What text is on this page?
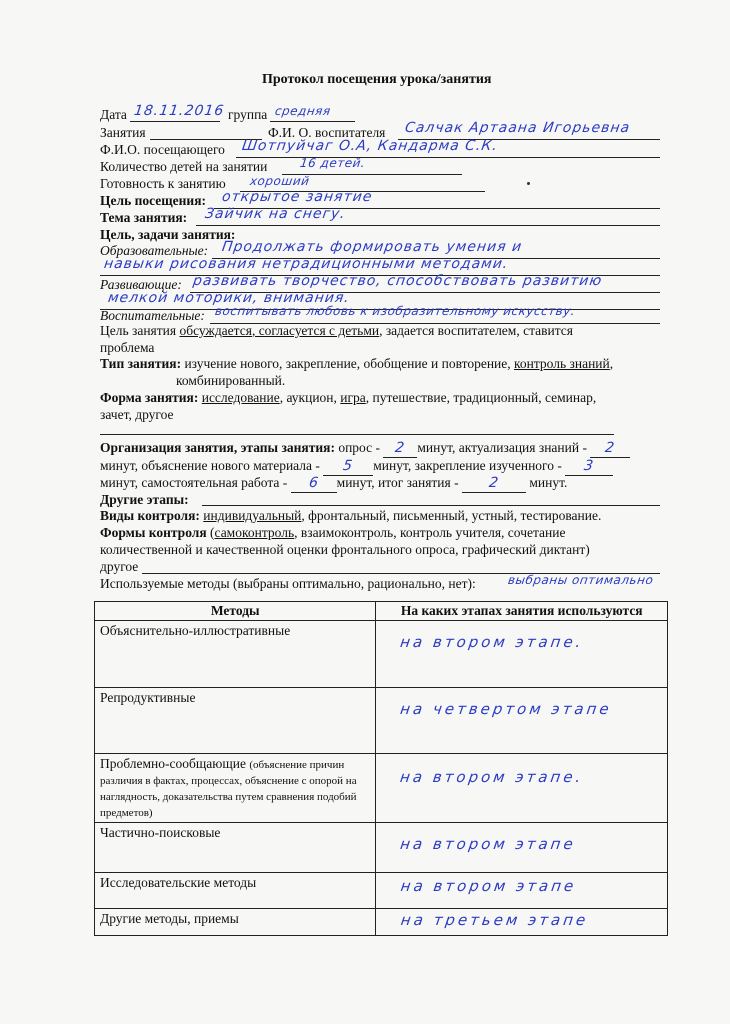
Протокол посещения урока/занятия
Дата 18.11.2016 группа средняя
Занятия	Ф.И. О. воспитателя Салчак Артаана Игорьевна
Ф.И.О. посещающего Шотпуйчаг О.А, Кандарма С.К.
Количество детей на занятии	16 детей.
Готовность к занятию хороший
Цель посещения: открытое занятие
Тема занятия: Зайчик на снегу.
Цель, задачи занятия:
Образовательные: Продолжать формировать умения и
навыки рисования нетрадиционными методами.
Развивающие: развивать творчество, способствовать развитию
мелкой моторики, внимания.
Воспитательные: воспитывать любовь к изобразительному искусству.
Цель занятия обсуждается, согласуется с детьми, задается воспитателем, ставится
проблема
Тип занятия: изучение нового, закрепление, обобщение и повторение, контроль знаний,
комбинированный.
Форма занятия: исследование, аукцион, игра, путешествие, традиционный, семинар,
зачет, другое
Организация занятия, этапы занятия: опрос - 2 минут, актуализация знаний - 2
минут, объяснение нового материала - 5 минут, закрепление изученного - 3
минут, самостоятельная работа - 6 минут, итог занятия - 2 минут.
Другие этапы:
Виды контроля: индивидуальный, фронтальный, письменный, устный, тестирование.
Формы контроля (самоконтроль, взаимоконтроль, контроль учителя, сочетание
количественной и качественной оценки фронтального опроса, графический диктант)
другое
Используемые методы (выбраны оптимально, рационально, нет):	выбраны оптимально
Методы	На каких этапах занятия используются
Объяснительно-иллюстративные	на втором этапе.

Репродуктивные	на четвертом этапе

Проблемно-сообщающие (объяснение причин различия в фактах, процессах, объяснение с опорой на наглядность, доказательства путем сравнения подобий предметов)	на втором этапе.

Частично-поисковые	на втором этапе

Исследовательские методы	на втором этапе

Другие методы, приемы	на третьем этапе
